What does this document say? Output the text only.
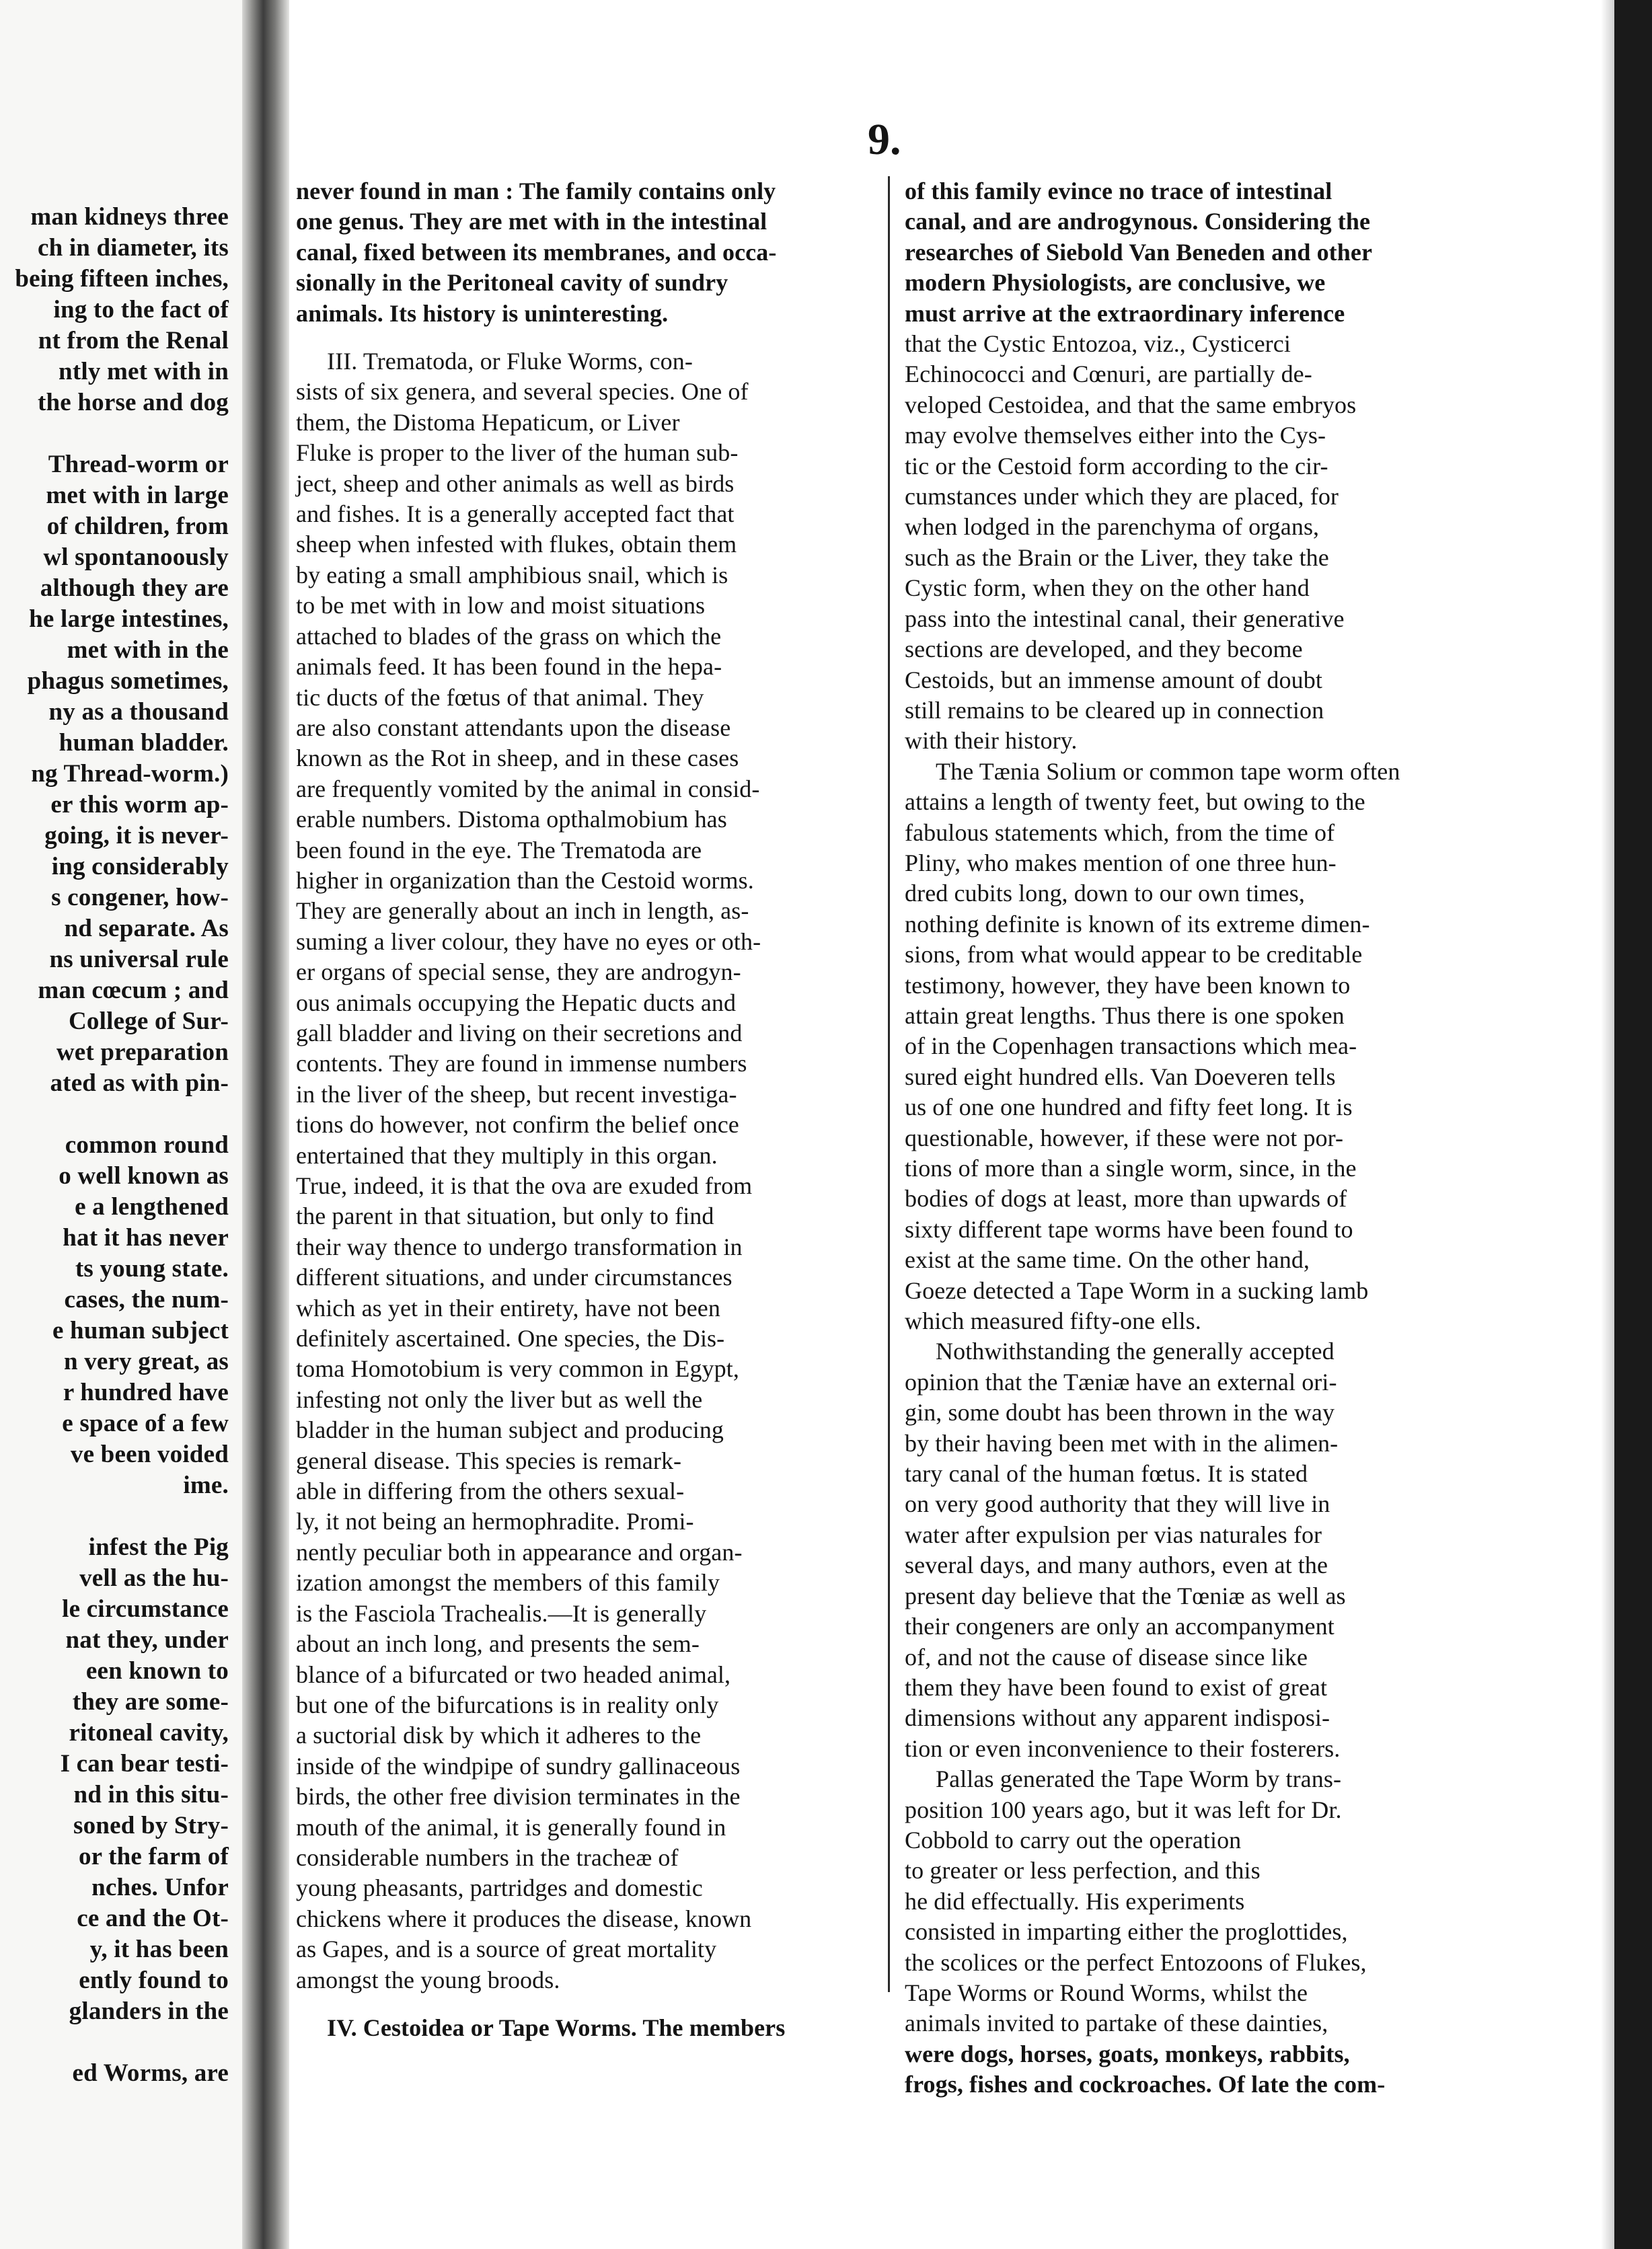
man kidneys three
ch in diameter, its
being fifteen inches,
ing to the fact of
nt from the Renal
ntly met with in
the horse and dog

Thread-worm or
met with in large
of children, from
wl spontanoously
although they are
he large intestines,
met with in the
phagus sometimes,
ny as a thousand
human bladder.
ng Thread-worm.)
er this worm ap-
going, it is never-
ing considerably
s congener, how-
nd separate. As
ns universal rule
man cœcum ; and
College of Sur-
wet preparation
ated as with pin-

common round
o well known as
e a lengthened
hat it has never
ts young state.
cases, the num-
e human subject
n very great, as
r hundred have
e space of a few
ve been voided
ime.

infest the Pig
vell as the hu-
le circumstance
nat they, under
een known to
they are some-
ritoneal cavity,
I can bear testi-
nd in this situ-
soned by Stry-
or the farm of
nches. Unfor
ce and the Ot-
y, it has been
ently found to
glanders in the

ed Worms, are
9.
never found in man : The family contains only
one genus. They are met with in the intestinal
canal, fixed between its membranes, and occa-
sionally in the Peritoneal cavity of sundry
animals. Its history is uninteresting.
III. Trematoda, or Fluke Worms, con-
sists of six genera, and several species. One of
them, the Distoma Hepaticum, or Liver
Fluke is proper to the liver of the human sub-
ject, sheep and other animals as well as birds
and fishes. It is a generally accepted fact that
sheep when infested with flukes, obtain them
by eating a small amphibious snail, which is
to be met with in low and moist situations
attached to blades of the grass on which the
animals feed. It has been found in the hepa-
tic ducts of the fœtus of that animal. They
are also constant attendants upon the disease
known as the Rot in sheep, and in these cases
are frequently vomited by the animal in consid-
erable numbers. Distoma opthalmobium has
been found in the eye. The Trematoda are
higher in organization than the Cestoid worms.
They are generally about an inch in length, as-
suming a liver colour, they have no eyes or oth-
er organs of special sense, they are androgyn-
ous animals occupying the Hepatic ducts and
gall bladder and living on their secretions and
contents. They are found in immense numbers
in the liver of the sheep, but recent investiga-
tions do however, not confirm the belief once
entertained that they multiply in this organ.
True, indeed, it is that the ova are exuded from
the parent in that situation, but only to find
their way thence to undergo transformation in
different situations, and under circumstances
which as yet in their entirety, have not been
definitely ascertained. One species, the Dis-
toma Homotobium is very common in Egypt,
infesting not only the liver but as well the
bladder in the human subject and producing
general disease. This species is remark-
able in differing from the others sexual-
ly, it not being an hermophradite. Promi-
nently peculiar both in appearance and organ-
ization amongst the members of this family
is the Fasciola Trachealis.—It is generally
about an inch long, and presents the sem-
blance of a bifurcated or two headed animal,
but one of the bifurcations is in reality only
a suctorial disk by which it adheres to the
inside of the windpipe of sundry gallinaceous
birds, the other free division terminates in the
mouth of the animal, it is generally found in
considerable numbers in the tracheæ of
young pheasants, partridges and domestic
chickens where it produces the disease, known
as Gapes, and is a source of great mortality
amongst the young broods.
IV. Cestoidea or Tape Worms. The members
of this family evince no trace of intestinal
canal, and are androgynous. Considering the
researches of Siebold Van Beneden and other
modern Physiologists, are conclusive, we
must arrive at the extraordinary inference
that the Cystic Entozoa, viz., Cysticerci
Echinococci and Cœnuri, are partially de-
veloped Cestoidea, and that the same embryos
may evolve themselves either into the Cys-
tic or the Cestoid form according to the cir-
cumstances under which they are placed, for
when lodged in the parenchyma of organs,
such as the Brain or the Liver, they take the
Cystic form, when they on the other hand
pass into the intestinal canal, their generative
sections are developed, and they become
Cestoids, but an immense amount of doubt
still remains to be cleared up in connection
with their history.
The Tænia Solium or common tape worm often
attains a length of twenty feet, but owing to the
fabulous statements which, from the time of
Pliny, who makes mention of one three hun-
dred cubits long, down to our own times,
nothing definite is known of its extreme dimen-
sions, from what would appear to be creditable
testimony, however, they have been known to
attain great lengths. Thus there is one spoken
of in the Copenhagen transactions which mea-
sured eight hundred ells. Van Doeveren tells
us of one one hundred and fifty feet long. It is
questionable, however, if these were not por-
tions of more than a single worm, since, in the
bodies of dogs at least, more than upwards of
sixty different tape worms have been found to
exist at the same time. On the other hand,
Goeze detected a Tape Worm in a sucking lamb
which measured fifty-one ells.
Nothwithstanding the generally accepted
opinion that the Tæniæ have an external ori-
gin, some doubt has been thrown in the way
by their having been met with in the alimen-
tary canal of the human fœtus. It is stated
on very good authority that they will live in
water after expulsion per vias naturales for
several days, and many authors, even at the
present day believe that the Tœniæ as well as
their congeners are only an accompanyment
of, and not the cause of disease since like
them they have been found to exist of great
dimensions without any apparent indisposi-
tion or even inconvenience to their fosterers.
Pallas generated the Tape Worm by trans-
position 100 years ago, but it was left for Dr.
Cobbold to carry out the operation
to greater or less perfection, and this
he did effectually. His experiments
consisted in imparting either the proglottides,
the scolices or the perfect Entozoons of Flukes,
Tape Worms or Round Worms, whilst the
animals invited to partake of these dainties,
were dogs, horses, goats, monkeys, rabbits,
frogs, fishes and cockroaches. Of late the com-
